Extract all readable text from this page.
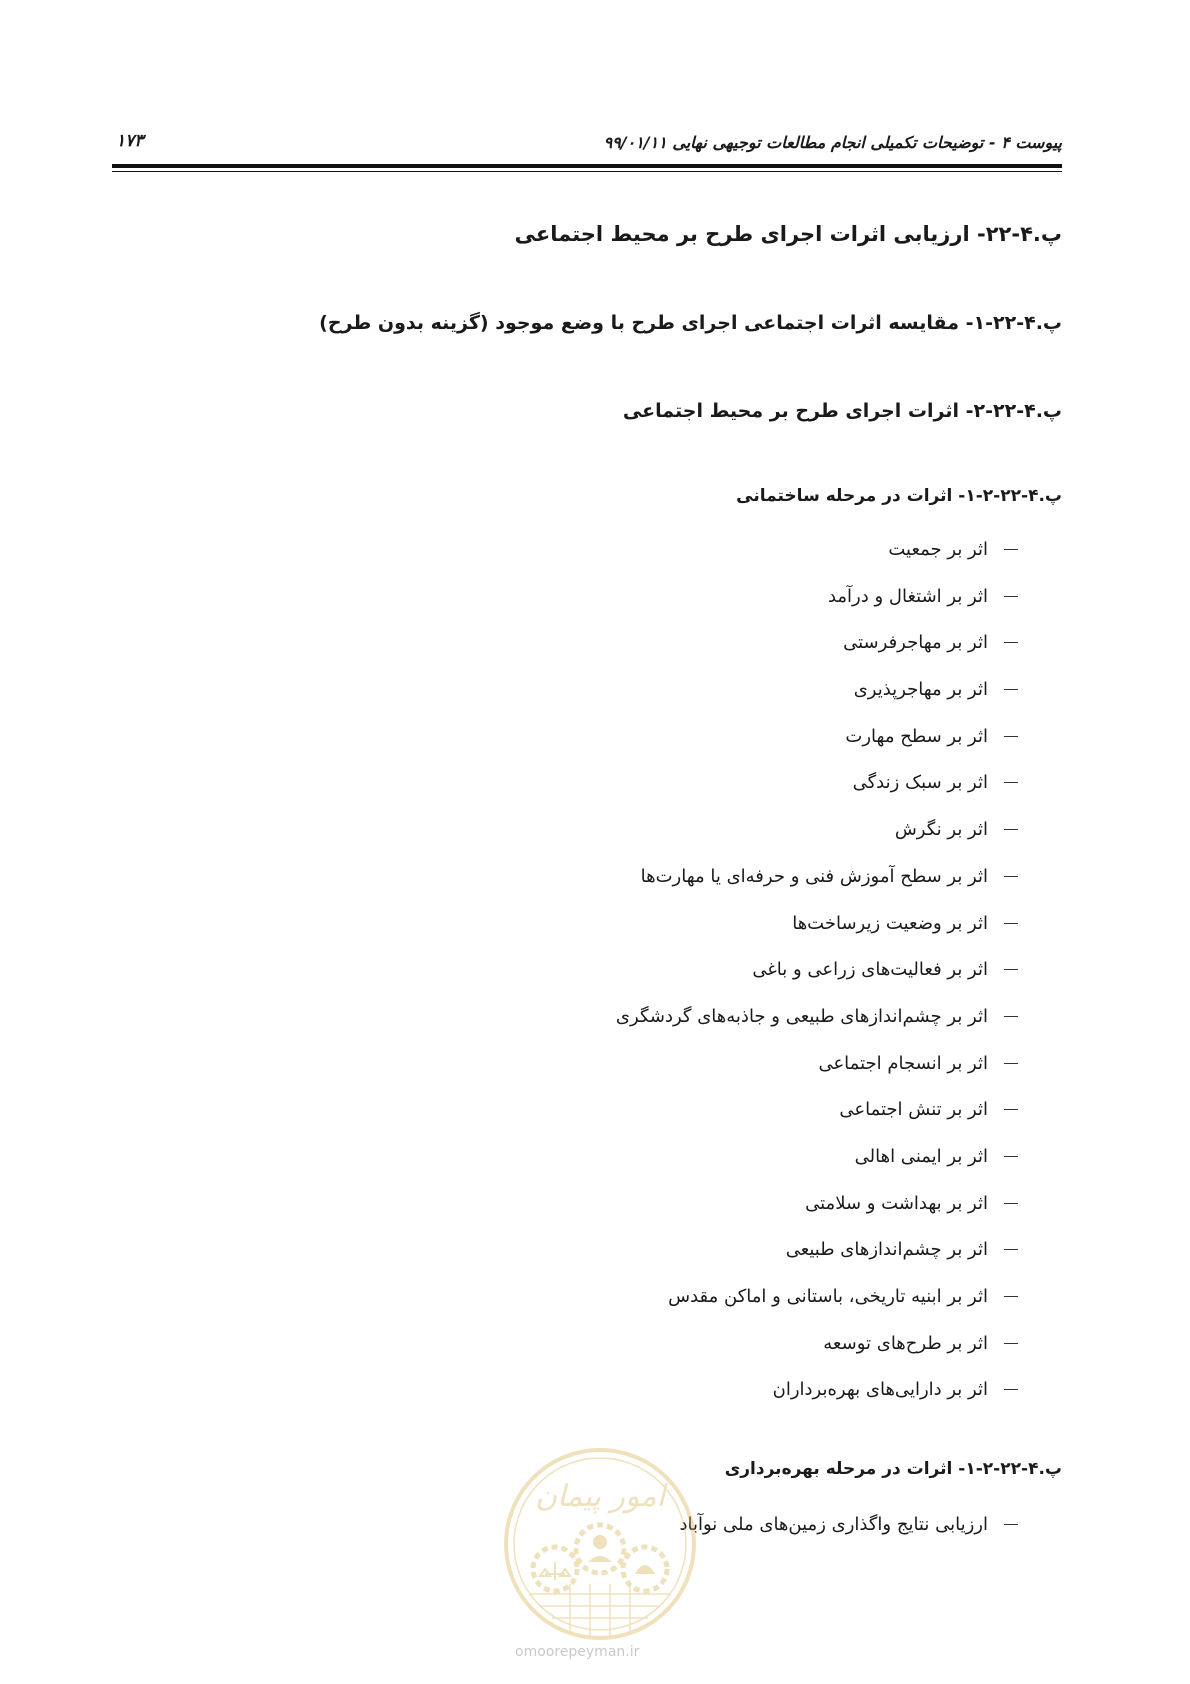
پیوست ۴ - توضیحات تکمیلی انجام مطالعات توجیهی نهایی ۹۹/۰۱/۱۱
۱۷۳
پ.۴-۲۲- ارزیابی اثرات اجرای طرح بر محیط اجتماعی
پ.۴-۲۲-۱- مقایسه اثرات اجتماعی اجرای طرح با وضع موجود (گزینه بدون طرح)
پ.۴-۲۲-۲- اثرات اجرای طرح بر محیط اجتماعی
پ.۴-۲۲-۲-۱- اثرات در مرحله ساختمانی
اثر بر جمعیت
اثر بر اشتغال و درآمد
اثر بر مهاجرفرستی
اثر بر مهاجرپذیری
اثر بر سطح مهارت
اثر بر سبک زندگی
اثر بر نگرش
اثر بر سطح آموزش فنی و حرفه‌ای یا مهارت‌ها
اثر بر وضعیت زیرساخت‌ها
اثر بر فعالیت‌های زراعی و باغی
اثر بر چشم‌اندازهای طبیعی و جاذبه‌های گردشگری
اثر بر انسجام اجتماعی
اثر بر تنش اجتماعی
اثر بر ایمنی اهالی
اثر بر بهداشت و سلامتی
اثر بر چشم‌اندازهای طبیعی
اثر بر ابنیه تاریخی، باستانی و اماکن مقدس
اثر بر طرح‌های توسعه
اثر بر دارایی‌های بهره‌برداران
پ.۴-۲۲-۲-۱- اثرات در مرحله بهره‌برداری
ارزیابی نتایج واگذاری زمین‌های ملی نوآباد
امور پیمان
omoorepeyman.ir
